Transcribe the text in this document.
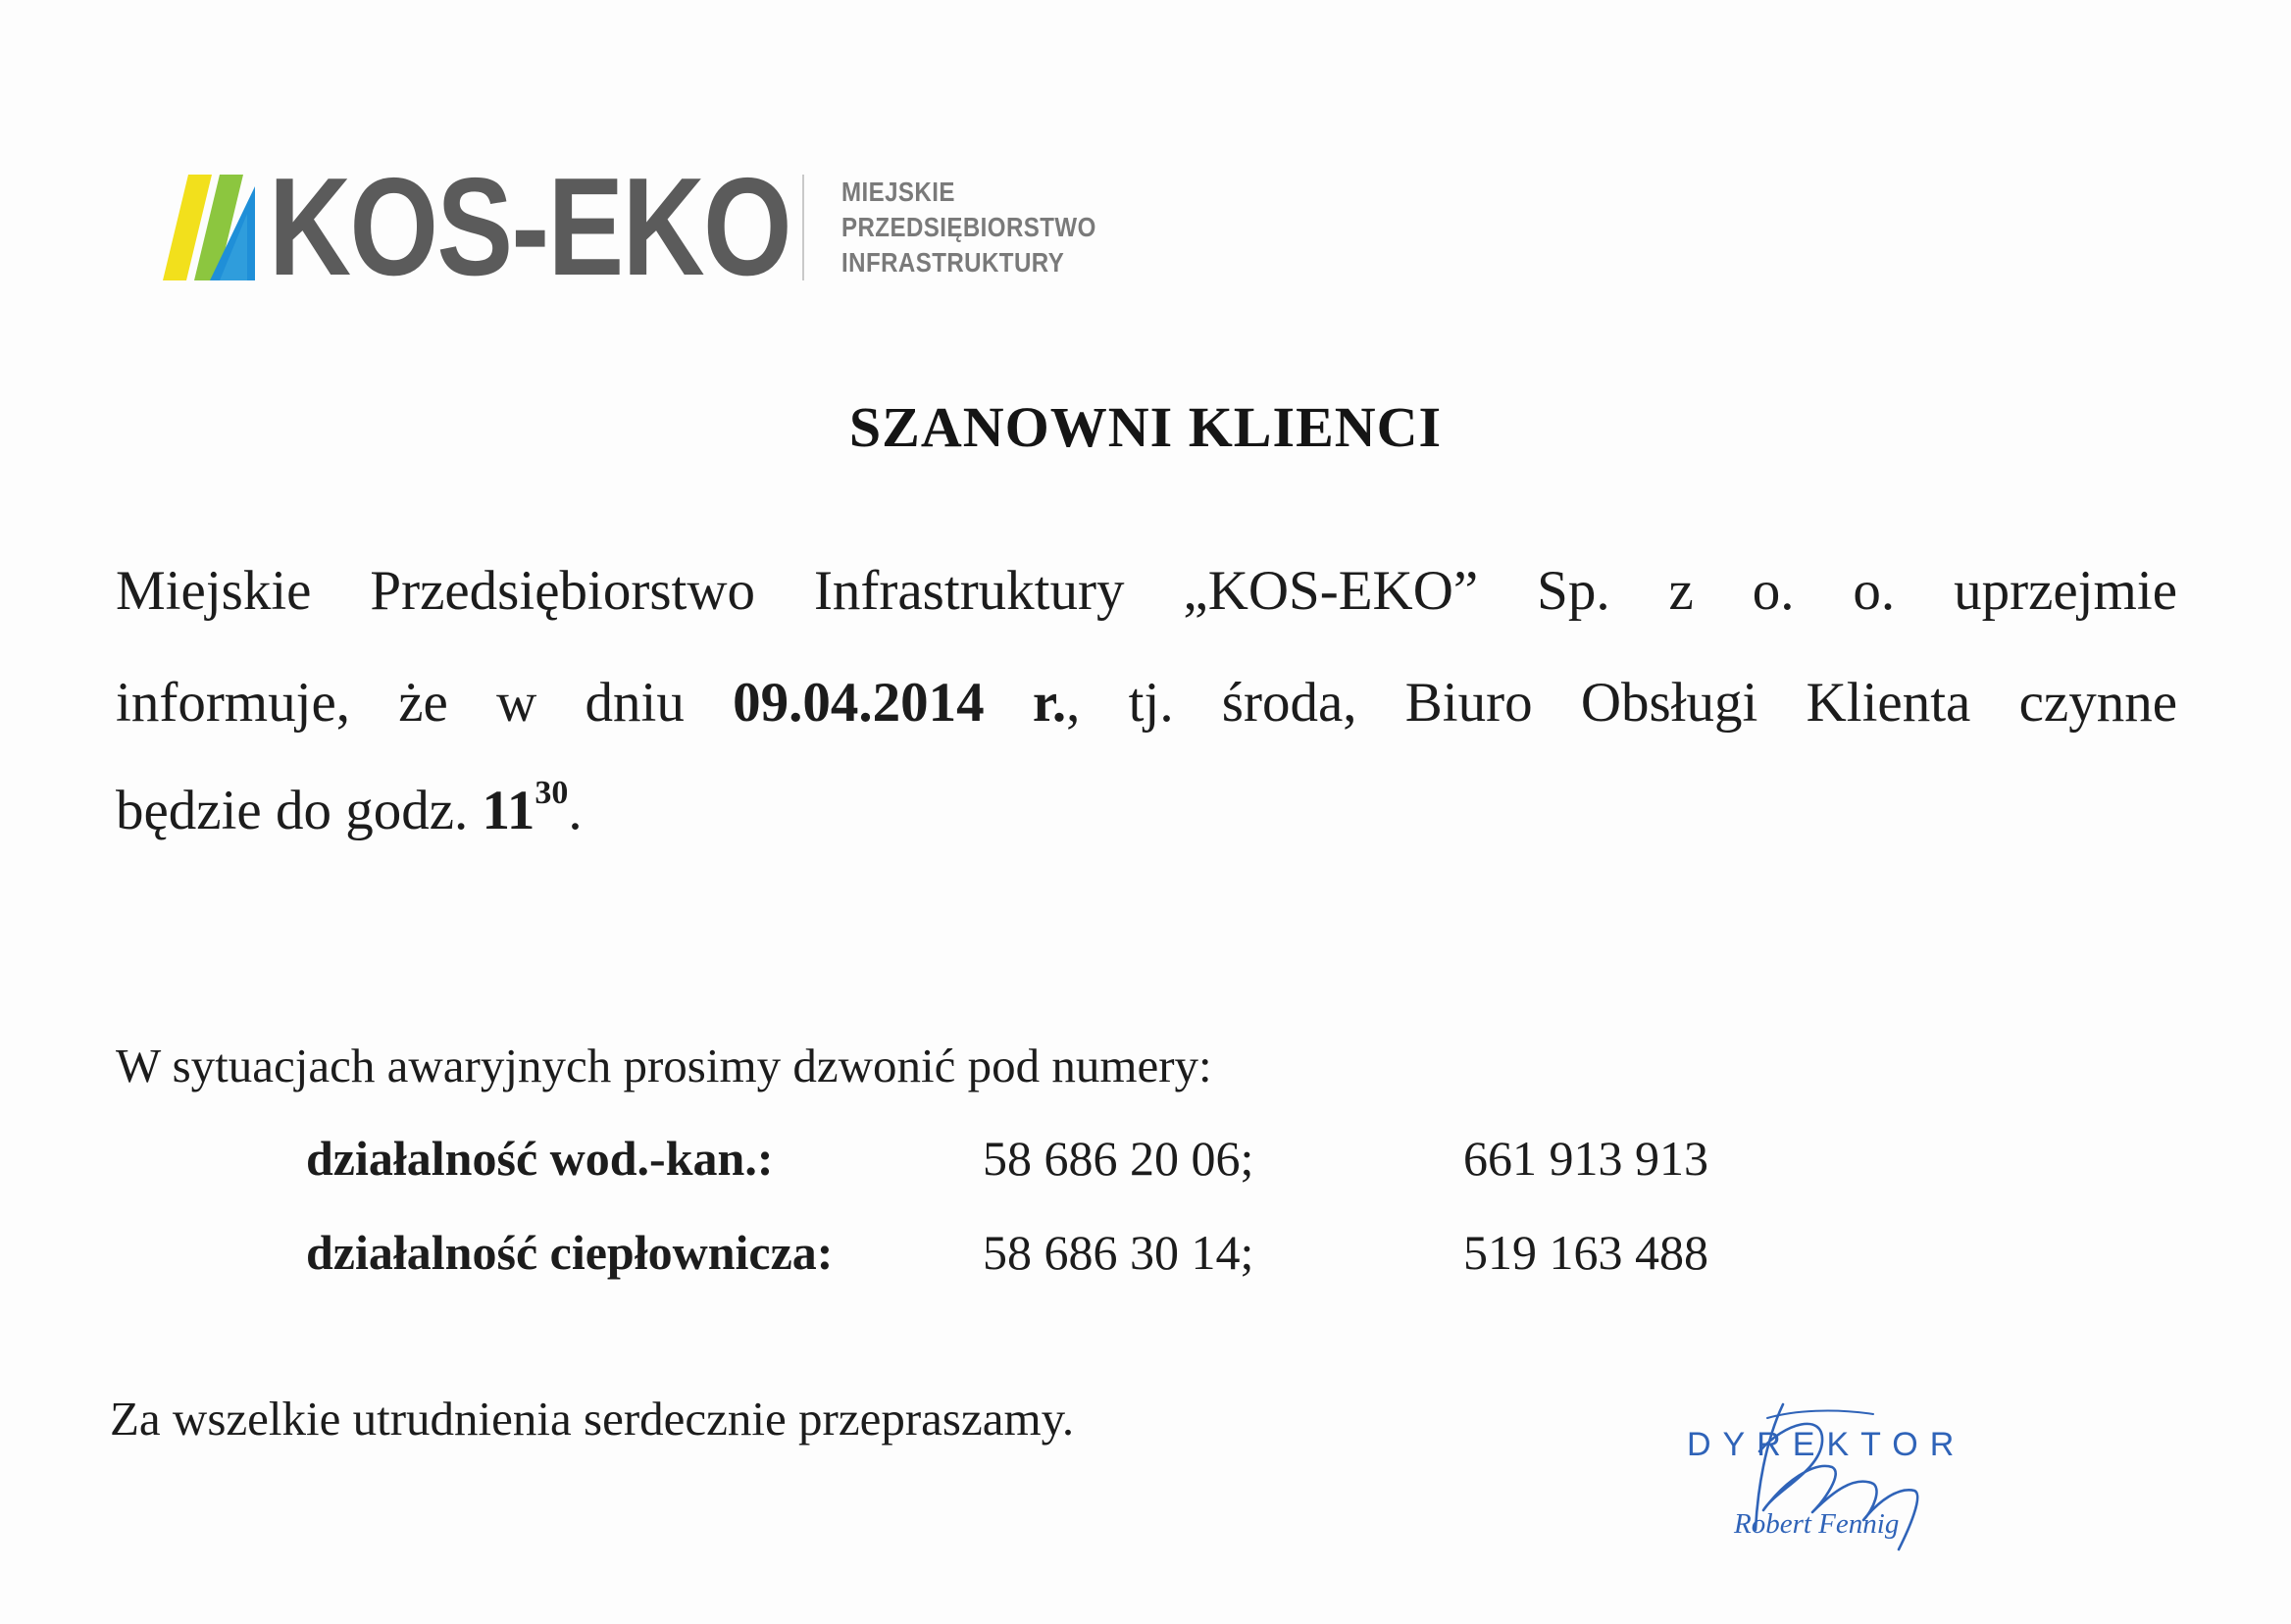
KOS-EKO MIEJSKIE
PRZEDSIĘBIORSTWO
INFRASTRUKTURY
SZANOWNI KLIENCI
Miejskie Przedsiębiorstwo Infrastruktury „KOS-EKO” Sp. z o. o. uprzejmie
informuje, że w dniu 09.04.2014 r., tj. środa, Biuro Obsługi Klienta czynne
będzie do godz. $11^{30}$.
W sytuacjach awaryjnych prosimy dzwonić pod numery:
działalność wod.-kan.:	58 686 20 06;	661 913 913
działalność ciepłownicza:	58 686 30 14;	519 163 488
Za wszelkie utrudnienia serdecznie przepraszamy.	DYREKTOR
Robert Fennig
